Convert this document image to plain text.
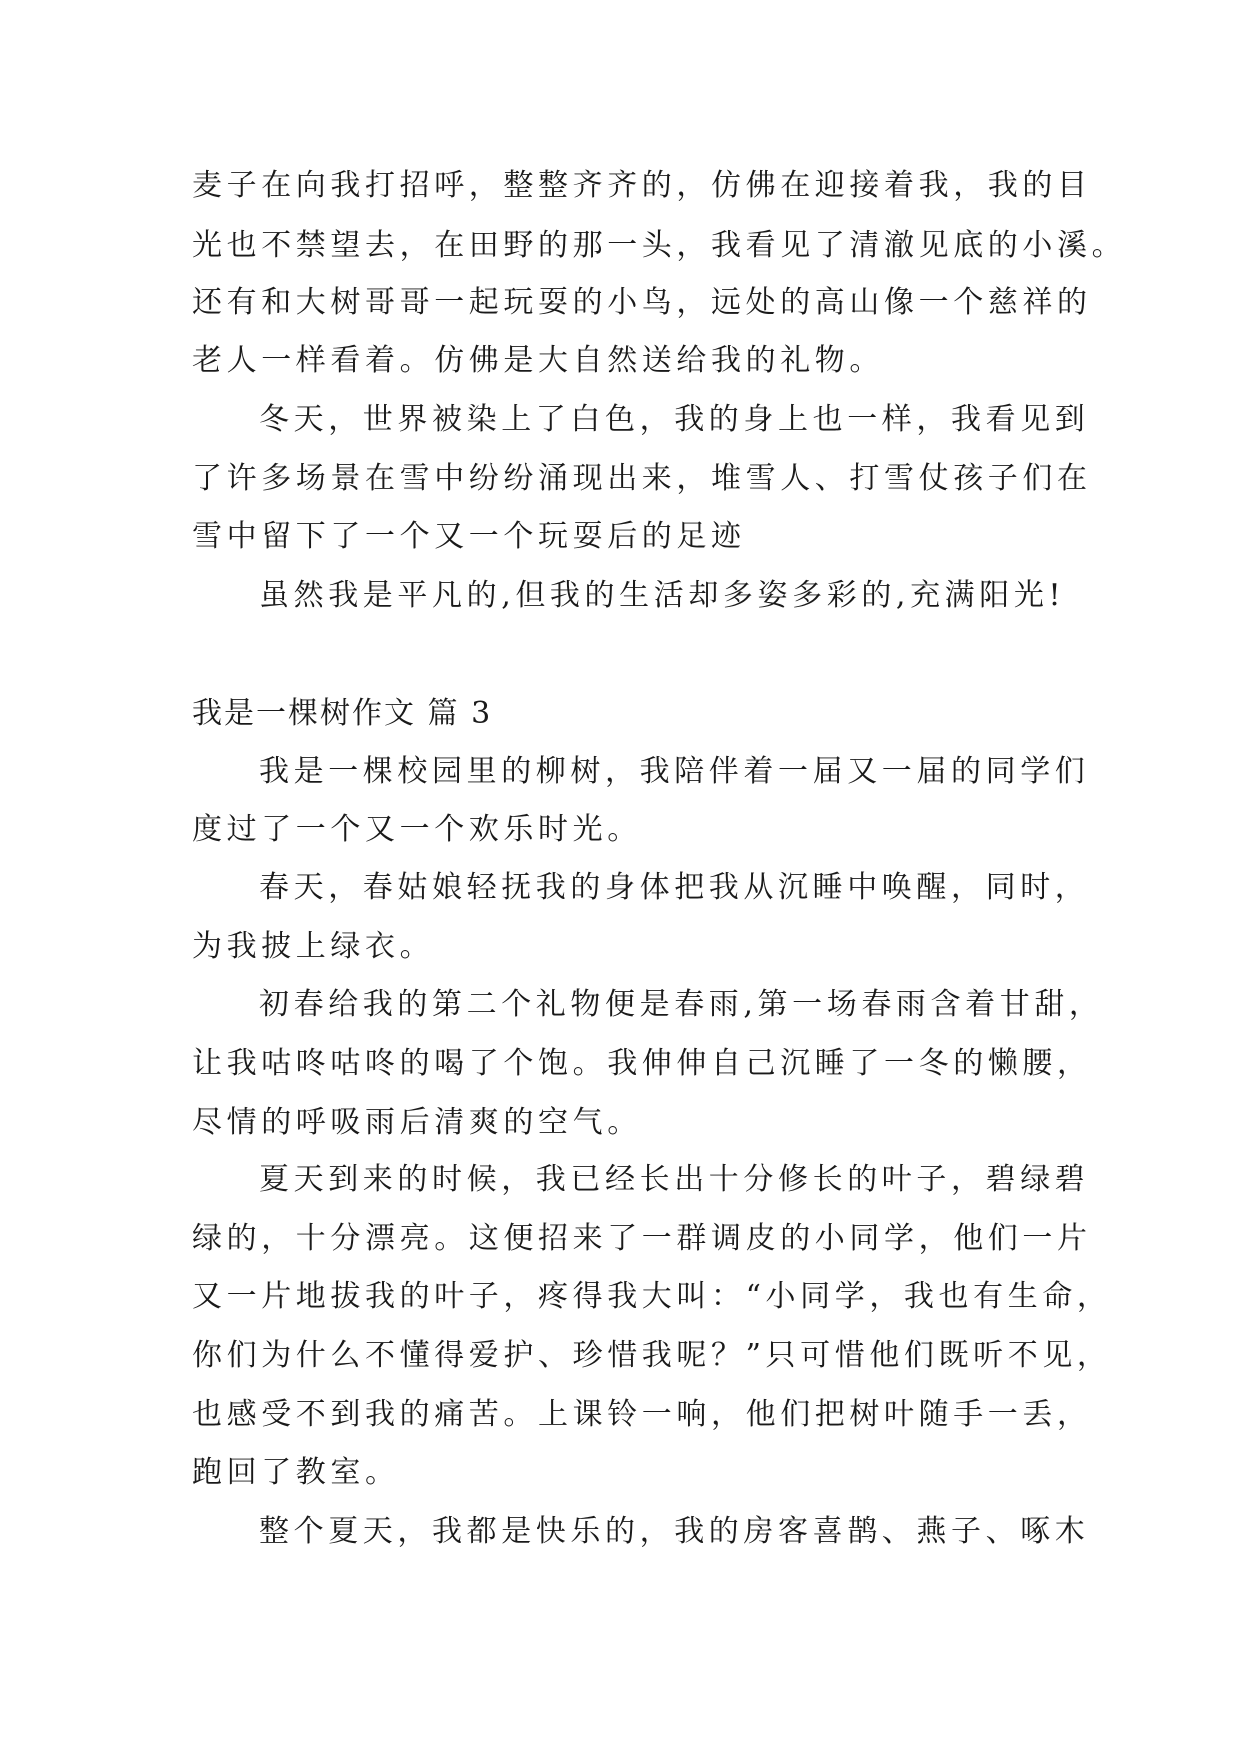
麦子在向我打招呼，整整齐齐的，仿佛在迎接着我，我的目
光也不禁望去，在田野的那一头，我看见了清澈见底的小溪。
还有和大树哥哥一起玩耍的小鸟，远处的高山像一个慈祥的
老人一样看着。仿佛是大自然送给我的礼物。
冬天，世界被染上了白色，我的身上也一样，我看见到
了许多场景在雪中纷纷涌现出来，堆雪人、打雪仗孩子们在
雪中留下了一个又一个玩耍后的足迹
虽然我是平凡的,但我的生活却多姿多彩的,充满阳光!
我是一棵树作文 篇 3
我是一棵校园里的柳树，我陪伴着一届又一届的同学们
度过了一个又一个欢乐时光。
春天，春姑娘轻抚我的身体把我从沉睡中唤醒，同时，
为我披上绿衣。
初春给我的第二个礼物便是春雨,第一场春雨含着甘甜，
让我咕咚咕咚的喝了个饱。我伸伸自己沉睡了一冬的懒腰，
尽情的呼吸雨后清爽的空气。
夏天到来的时候，我已经长出十分修长的叶子，碧绿碧
绿的，十分漂亮。这便招来了一群调皮的小同学，他们一片
又一片地拔我的叶子，疼得我大叫：“小同学，我也有生命，
你们为什么不懂得爱护、珍惜我呢？”只可惜他们既听不见，
也感受不到我的痛苦。上课铃一响，他们把树叶随手一丢，
跑回了教室。
整个夏天，我都是快乐的，我的房客喜鹊、燕子、啄木
